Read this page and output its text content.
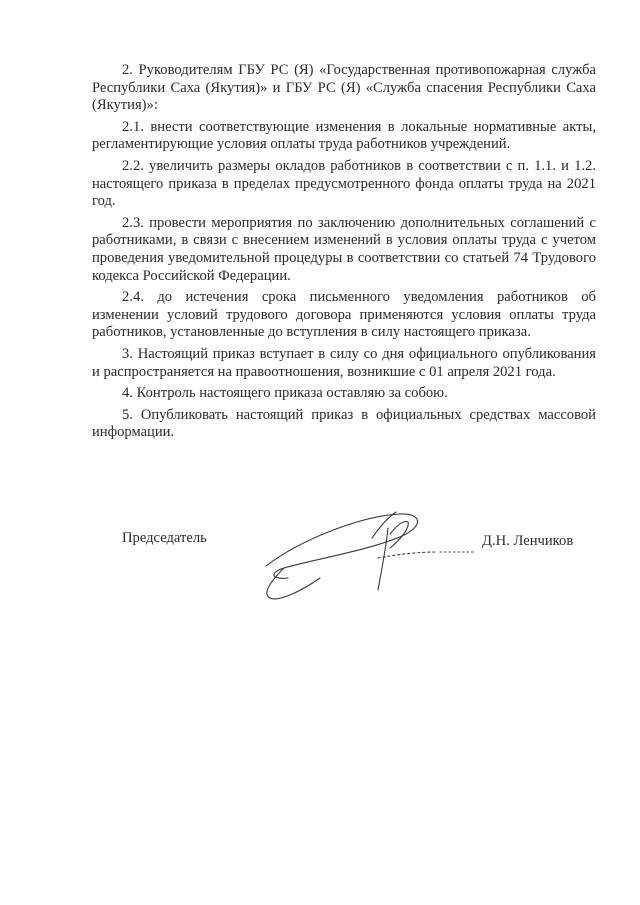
2. Руководителям ГБУ РС (Я) «Государственная противопожарная служба Республики Саха (Якутия)» и ГБУ РС (Я) «Служба спасения Республики Саха (Якутия)»:

2.1. внести соответствующие изменения в локальные нормативные акты, регламентирующие условия оплаты труда работников учреждений.

2.2. увеличить размеры окладов работников в соответствии с п. 1.1. и 1.2. настоящего приказа в пределах предусмотренного фонда оплаты труда на 2021 год.

2.3. провести мероприятия по заключению дополнительных соглашений с работниками, в связи с внесением изменений в условия оплаты труда с учетом проведения уведомительной процедуры в соответствии со статьей 74 Трудового кодекса Российской Федерации.

2.4. до истечения срока письменного уведомления работников об изменении условий трудового договора применяются условия оплаты труда работников, установленные до вступления в силу настоящего приказа.

3. Настоящий приказ вступает в силу со дня официального опубликования и распространяется на правоотношения, возникшие с 01 апреля 2021 года.

4. Контроль настоящего приказа оставляю за собою.

5. Опубликовать настоящий приказ в официальных средствах массовой информации.

Председатель	Д.Н. Ленчиков
